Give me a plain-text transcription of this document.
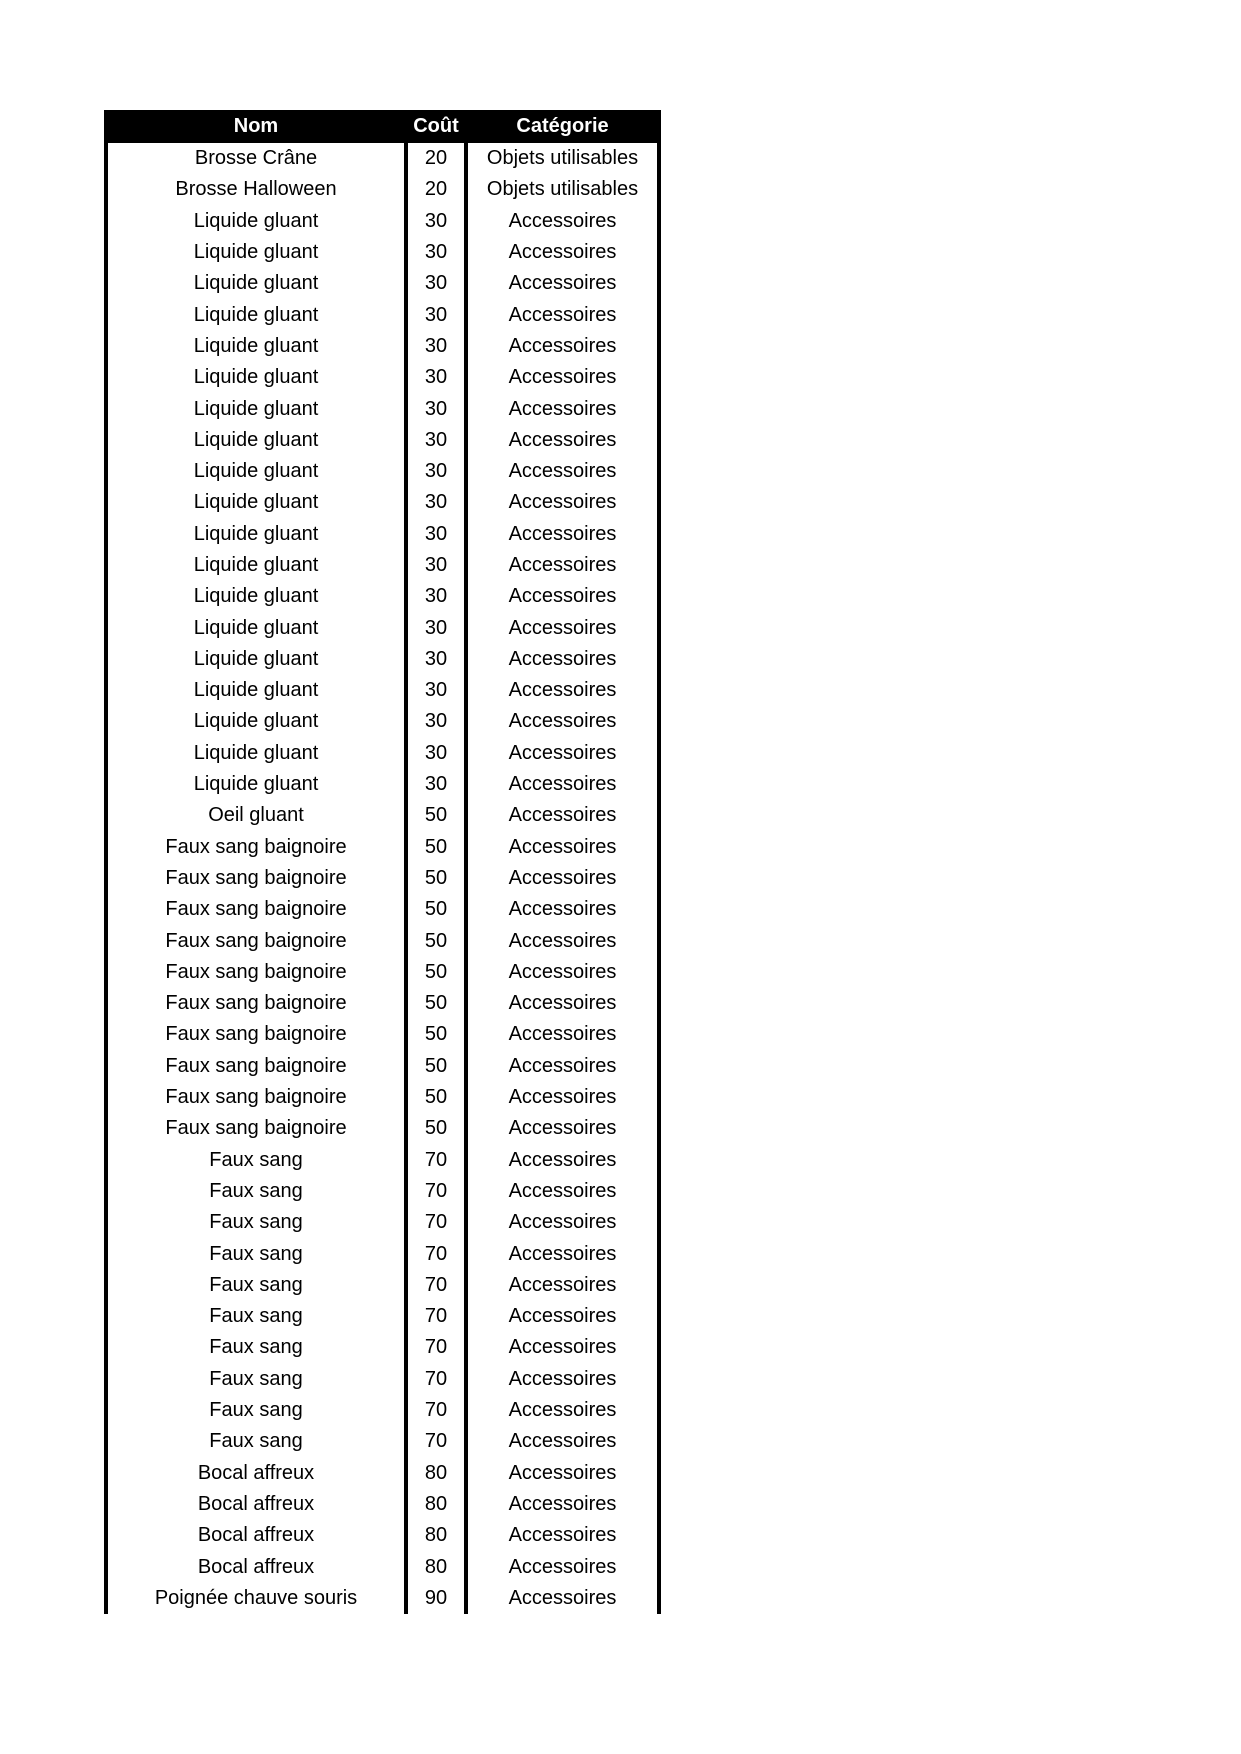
Nom	Coût	Catégorie
Brosse Crâne	20	Objets utilisables
Brosse Halloween	20	Objets utilisables
Liquide gluant	30	Accessoires
Liquide gluant	30	Accessoires
Liquide gluant	30	Accessoires
Liquide gluant	30	Accessoires
Liquide gluant	30	Accessoires
Liquide gluant	30	Accessoires
Liquide gluant	30	Accessoires
Liquide gluant	30	Accessoires
Liquide gluant	30	Accessoires
Liquide gluant	30	Accessoires
Liquide gluant	30	Accessoires
Liquide gluant	30	Accessoires
Liquide gluant	30	Accessoires
Liquide gluant	30	Accessoires
Liquide gluant	30	Accessoires
Liquide gluant	30	Accessoires
Liquide gluant	30	Accessoires
Liquide gluant	30	Accessoires
Liquide gluant	30	Accessoires
Oeil gluant	50	Accessoires
Faux sang baignoire	50	Accessoires
Faux sang baignoire	50	Accessoires
Faux sang baignoire	50	Accessoires
Faux sang baignoire	50	Accessoires
Faux sang baignoire	50	Accessoires
Faux sang baignoire	50	Accessoires
Faux sang baignoire	50	Accessoires
Faux sang baignoire	50	Accessoires
Faux sang baignoire	50	Accessoires
Faux sang baignoire	50	Accessoires
Faux sang	70	Accessoires
Faux sang	70	Accessoires
Faux sang	70	Accessoires
Faux sang	70	Accessoires
Faux sang	70	Accessoires
Faux sang	70	Accessoires
Faux sang	70	Accessoires
Faux sang	70	Accessoires
Faux sang	70	Accessoires
Faux sang	70	Accessoires
Bocal affreux	80	Accessoires
Bocal affreux	80	Accessoires
Bocal affreux	80	Accessoires
Bocal affreux	80	Accessoires
Poignée chauve souris	90	Accessoires
